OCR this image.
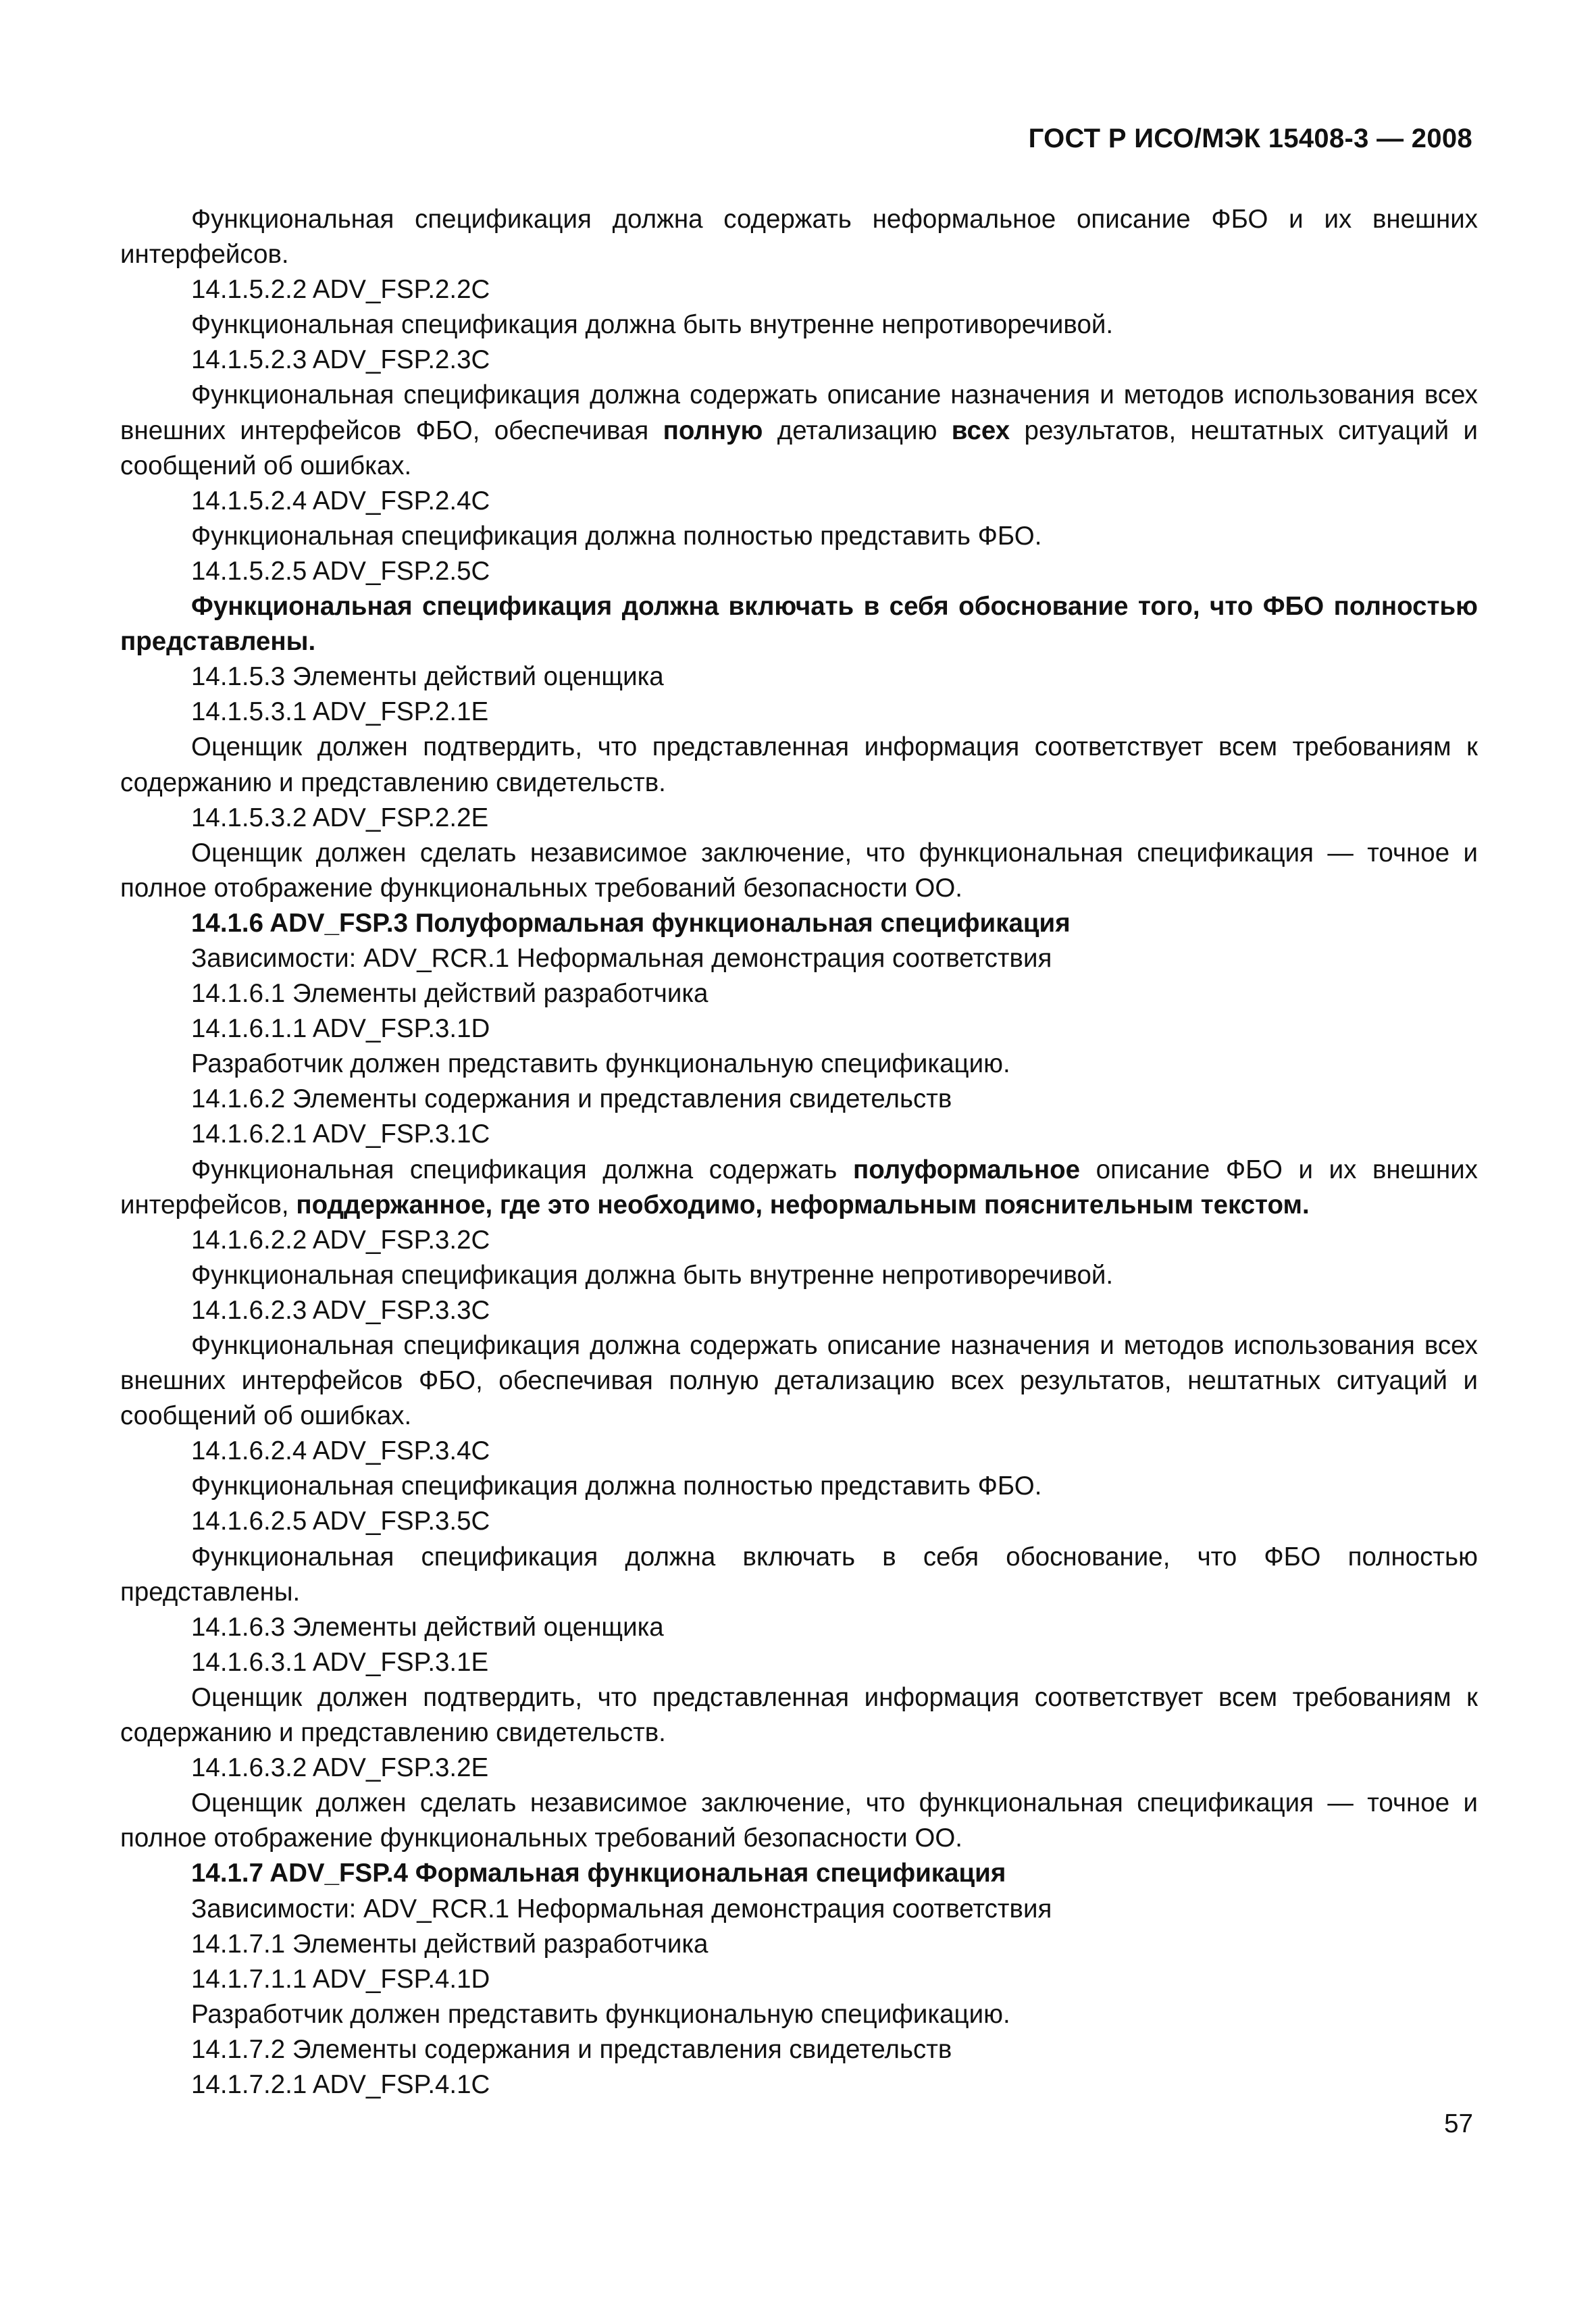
ГОСТ Р ИСО/МЭК 15408-3 — 2008

Функциональная спецификация должна содержать неформальное описание ФБО и их внешних интерфейсов.

14.1.5.2.2 ADV_FSP.2.2C

Функциональная спецификация должна быть внутренне непротиворечивой.

14.1.5.2.3 ADV_FSP.2.3C

Функциональная спецификация должна содержать описание назначения и методов использования всех внешних интерфейсов ФБО, обеспечивая полную детализацию всех результатов, нештатных ситуаций и сообщений об ошибках.

14.1.5.2.4 ADV_FSP.2.4C

Функциональная спецификация должна полностью представить ФБО.

14.1.5.2.5 ADV_FSP.2.5C

Функциональная спецификация должна включать в себя обоснование того, что ФБО полностью представлены.

14.1.5.3 Элементы действий оценщика

14.1.5.3.1 ADV_FSP.2.1E

Оценщик должен подтвердить, что представленная информация соответствует всем требованиям к содержанию и представлению свидетельств.

14.1.5.3.2 ADV_FSP.2.2E

Оценщик должен сделать независимое заключение, что функциональная спецификация — точное и полное отображение функциональных требований безопасности ОО.

14.1.6 ADV_FSP.3 Полуформальная функциональная спецификация

Зависимости: ADV_RCR.1 Неформальная демонстрация соответствия

14.1.6.1 Элементы действий разработчика

14.1.6.1.1 ADV_FSP.3.1D

Разработчик должен представить функциональную спецификацию.

14.1.6.2 Элементы содержания и представления свидетельств

14.1.6.2.1 ADV_FSP.3.1C

Функциональная спецификация должна содержать полуформальное описание ФБО и их внешних интерфейсов, поддержанное, где это необходимо, неформальным пояснительным текстом.

14.1.6.2.2 ADV_FSP.3.2C

Функциональная спецификация должна быть внутренне непротиворечивой.

14.1.6.2.3 ADV_FSP.3.3C

Функциональная спецификация должна содержать описание назначения и методов использования всех внешних интерфейсов ФБО, обеспечивая полную детализацию всех результатов, нештатных ситуаций и сообщений об ошибках.

14.1.6.2.4 ADV_FSP.3.4C

Функциональная спецификация должна полностью представить ФБО.

14.1.6.2.5 ADV_FSP.3.5C

Функциональная спецификация должна включать в себя обоснование, что ФБО полностью представлены.

14.1.6.3 Элементы действий оценщика

14.1.6.3.1 ADV_FSP.3.1E

Оценщик должен подтвердить, что представленная информация соответствует всем требованиям к содержанию и представлению свидетельств.

14.1.6.3.2 ADV_FSP.3.2E

Оценщик должен сделать независимое заключение, что функциональная спецификация — точное и полное отображение функциональных требований безопасности ОО.

14.1.7 ADV_FSP.4 Формальная функциональная спецификация

Зависимости: ADV_RCR.1 Неформальная демонстрация соответствия

14.1.7.1 Элементы действий разработчика

14.1.7.1.1 ADV_FSP.4.1D

Разработчик должен представить функциональную спецификацию.

14.1.7.2 Элементы содержания и представления свидетельств

14.1.7.2.1 ADV_FSP.4.1C

57
